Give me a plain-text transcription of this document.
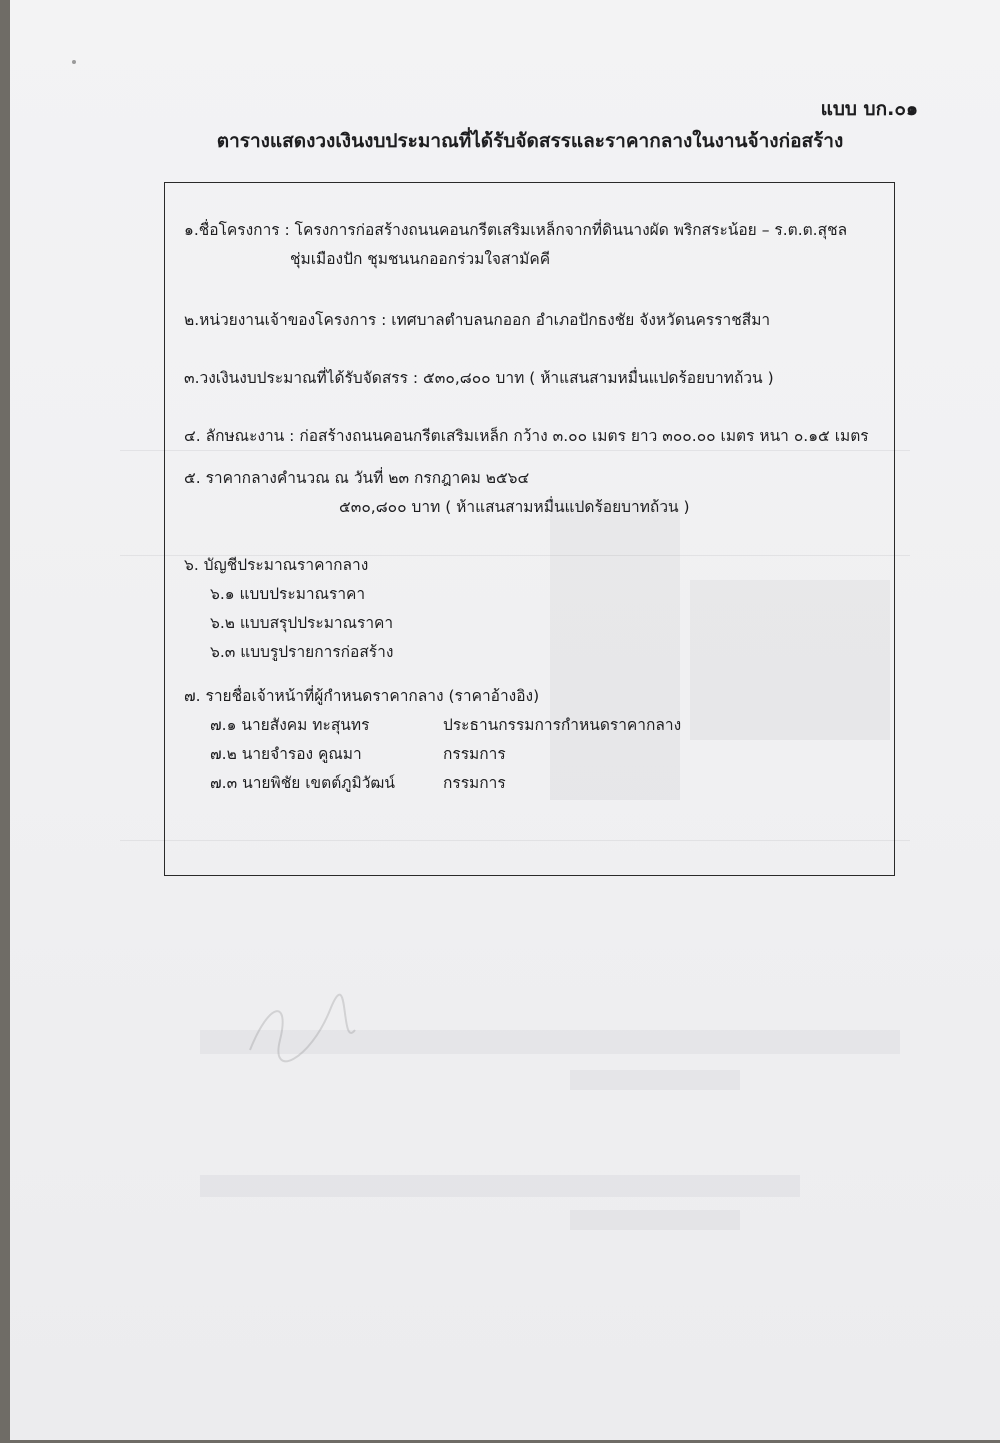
แบบ บก.๐๑
ตารางแสดงวงเงินงบประมาณที่ได้รับจัดสรรและราคากลางในงานจ้างก่อสร้าง
๑.ชื่อโครงการ : โครงการก่อสร้างถนนคอนกรีตเสริมเหล็กจากที่ดินนางผัด พริกสระน้อย – ร.ต.ต.สุชล
ชุ่มเมืองปัก ชุมชนนกออกร่วมใจสามัคคี
๒.หน่วยงานเจ้าของโครงการ : เทศบาลตำบลนกออก อำเภอปักธงชัย จังหวัดนครราชสีมา
๓.วงเงินงบประมาณที่ได้รับจัดสรร : ๕๓๐,๘๐๐ บาท ( ห้าแสนสามหมื่นแปดร้อยบาทถ้วน )
๔. ลักษณะงาน : ก่อสร้างถนนคอนกรีตเสริมเหล็ก กว้าง ๓.๐๐ เมตร ยาว ๓๐๐.๐๐ เมตร หนา ๐.๑๕ เมตร
๕. ราคากลางคำนวณ ณ วันที่ ๒๓ กรกฎาคม ๒๕๖๔
๕๓๐,๘๐๐ บาท ( ห้าแสนสามหมื่นแปดร้อยบาทถ้วน )
๖. บัญชีประมาณราคากลาง
๖.๑ แบบประมาณราคา
๖.๒ แบบสรุปประมาณราคา
๖.๓ แบบรูปรายการก่อสร้าง
๗. รายชื่อเจ้าหน้าที่ผู้กำหนดราคากลาง (ราคาอ้างอิง)
๗.๑ นายสังคม ทะสุนทร	ประธานกรรมการกำหนดราคากลาง
๗.๒ นายจำรอง คูณมา	กรรมการ
๗.๓ นายพิชัย เขตต์ภูมิวัฒน์	กรรมการ
